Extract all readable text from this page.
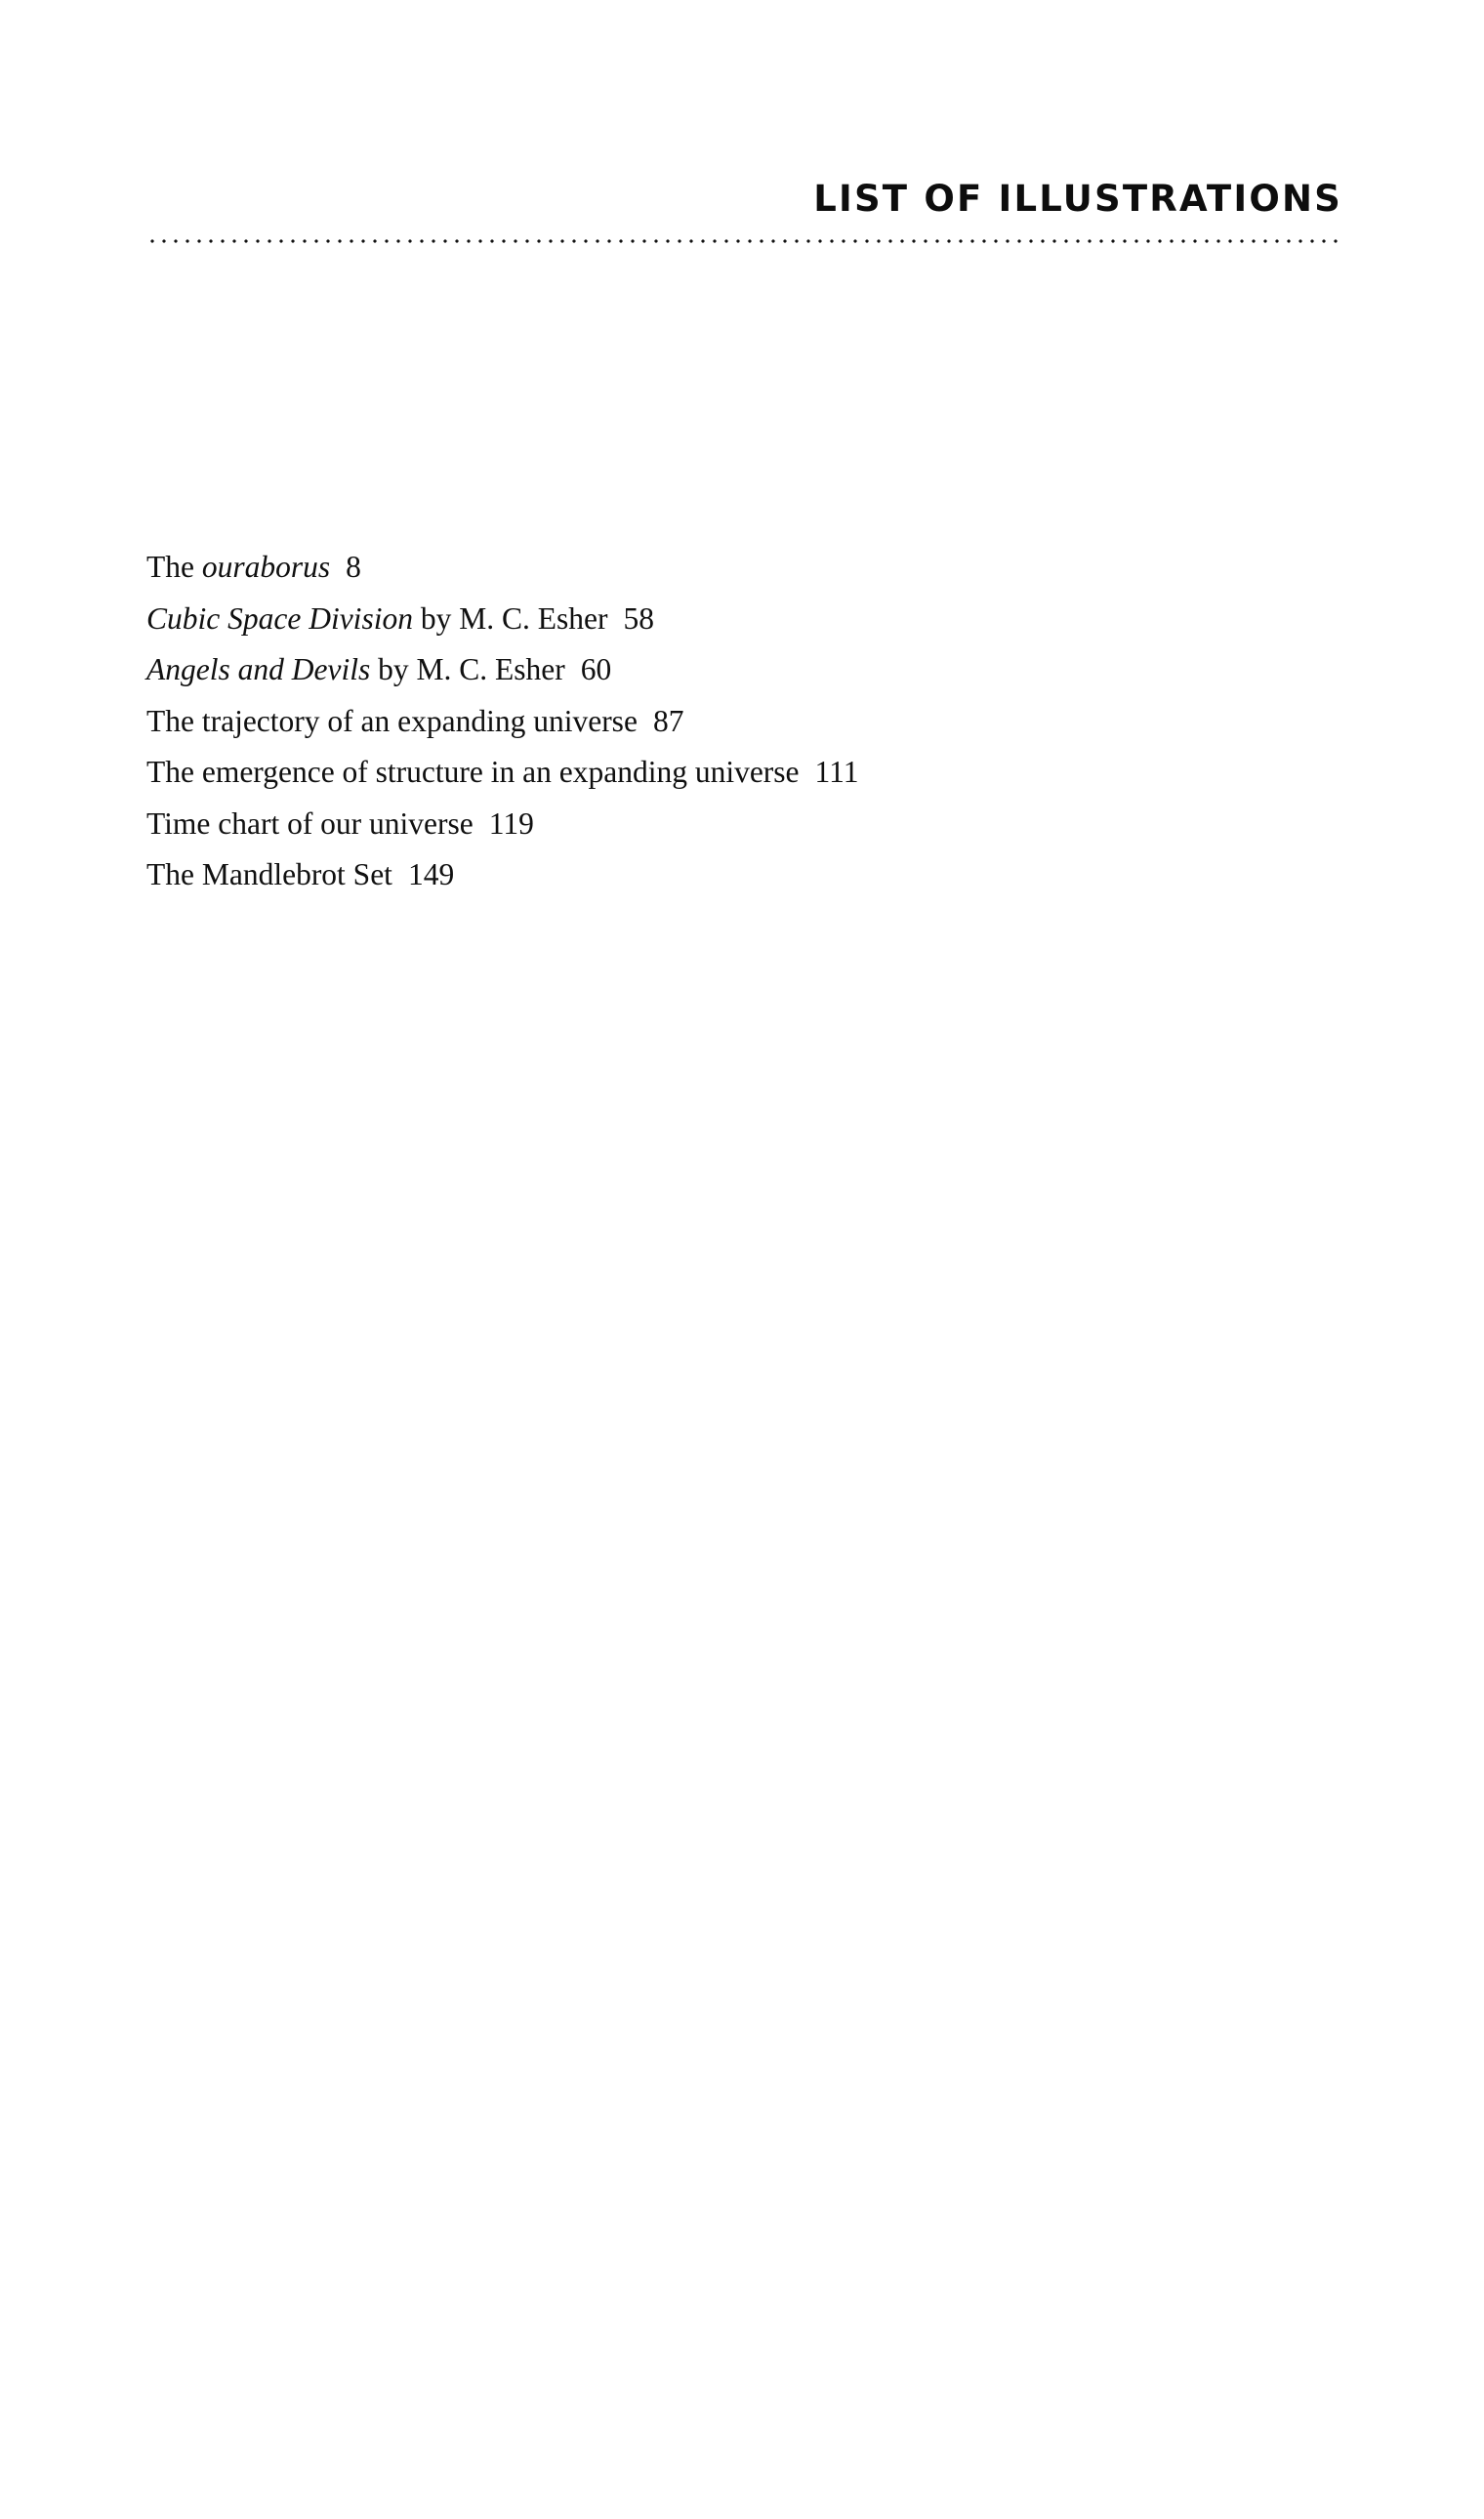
LIST OF ILLUSTRATIONS
The ouraborus 8
Cubic Space Division by M. C. Esher 58
Angels and Devils by M. C. Esher 60
The trajectory of an expanding universe 87
The emergence of structure in an expanding universe 111
Time chart of our universe 119
The Mandlebrot Set 149
